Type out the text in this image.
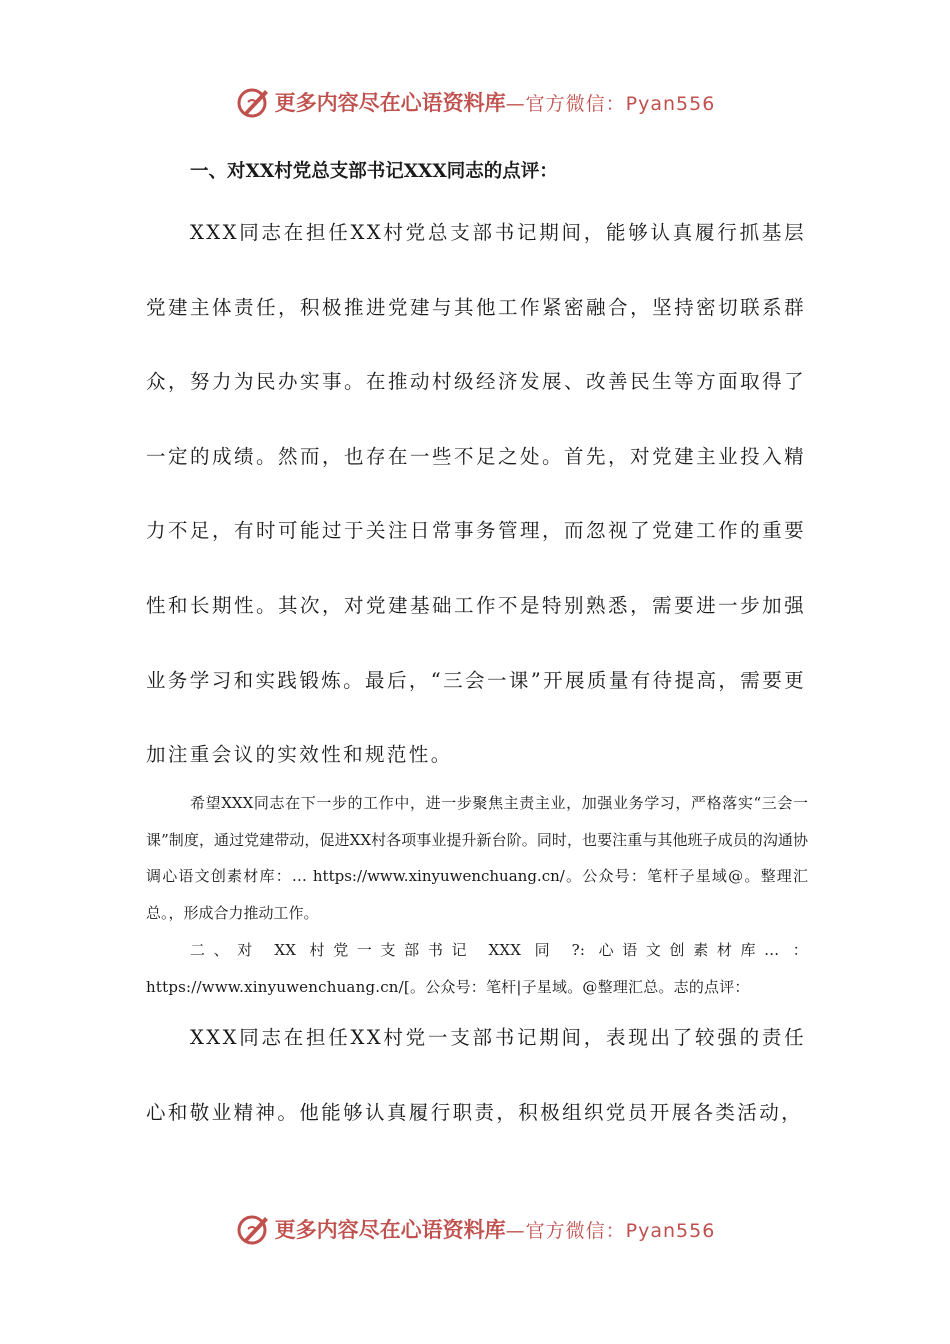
更多内容尽在心语资料库 —官方微信：Pyan556
一、对XX村党总支部书记XXX同志的点评：

XXX同志在担任XX村党总支部书记期间，能够认真履行抓基层党建主体责任，积极推进党建与其他工作紧密融合，坚持密切联系群众，努力为民办实事。在推动村级经济发展、改善民生等方面取得了一定的成绩。然而，也存在一些不足之处。首先，对党建主业投入精力不足，有时可能过于关注日常事务管理，而忽视了党建工作的重要性和长期性。其次，对党建基础工作不是特别熟悉，需要进一步加强业务学习和实践锻炼。最后，“三会一课”开展质量有待提高，需要更加注重会议的实效性和规范性。

希望XXX同志在下一步的工作中，进一步聚焦主责主业，加强业务学习，严格落实“三会一课”制度，通过党建带动，促进XX村各项事业提升新台阶。同时，也要注重与其他班子成员的沟通协调心语文创素材库：… https://www.xinyuwenchuang.cn/。公众号：笔杆子星域@。整理汇总。，形成合力推动工作。

二、对 XX 村党一支部书记 XXX 同 ?: 心语文创素材库… ：https://www.xinyuwenchuang.cn/[。公众号：笔杆|子星域。@整理汇总。志的点评：

XXX同志在担任XX村党一支部书记期间，表现出了较强的责任心和敬业精神。他能够认真履行职责，积极组织党员开展各类活动，

更多内容尽在心语资料库 —官方微信：Pyan556
